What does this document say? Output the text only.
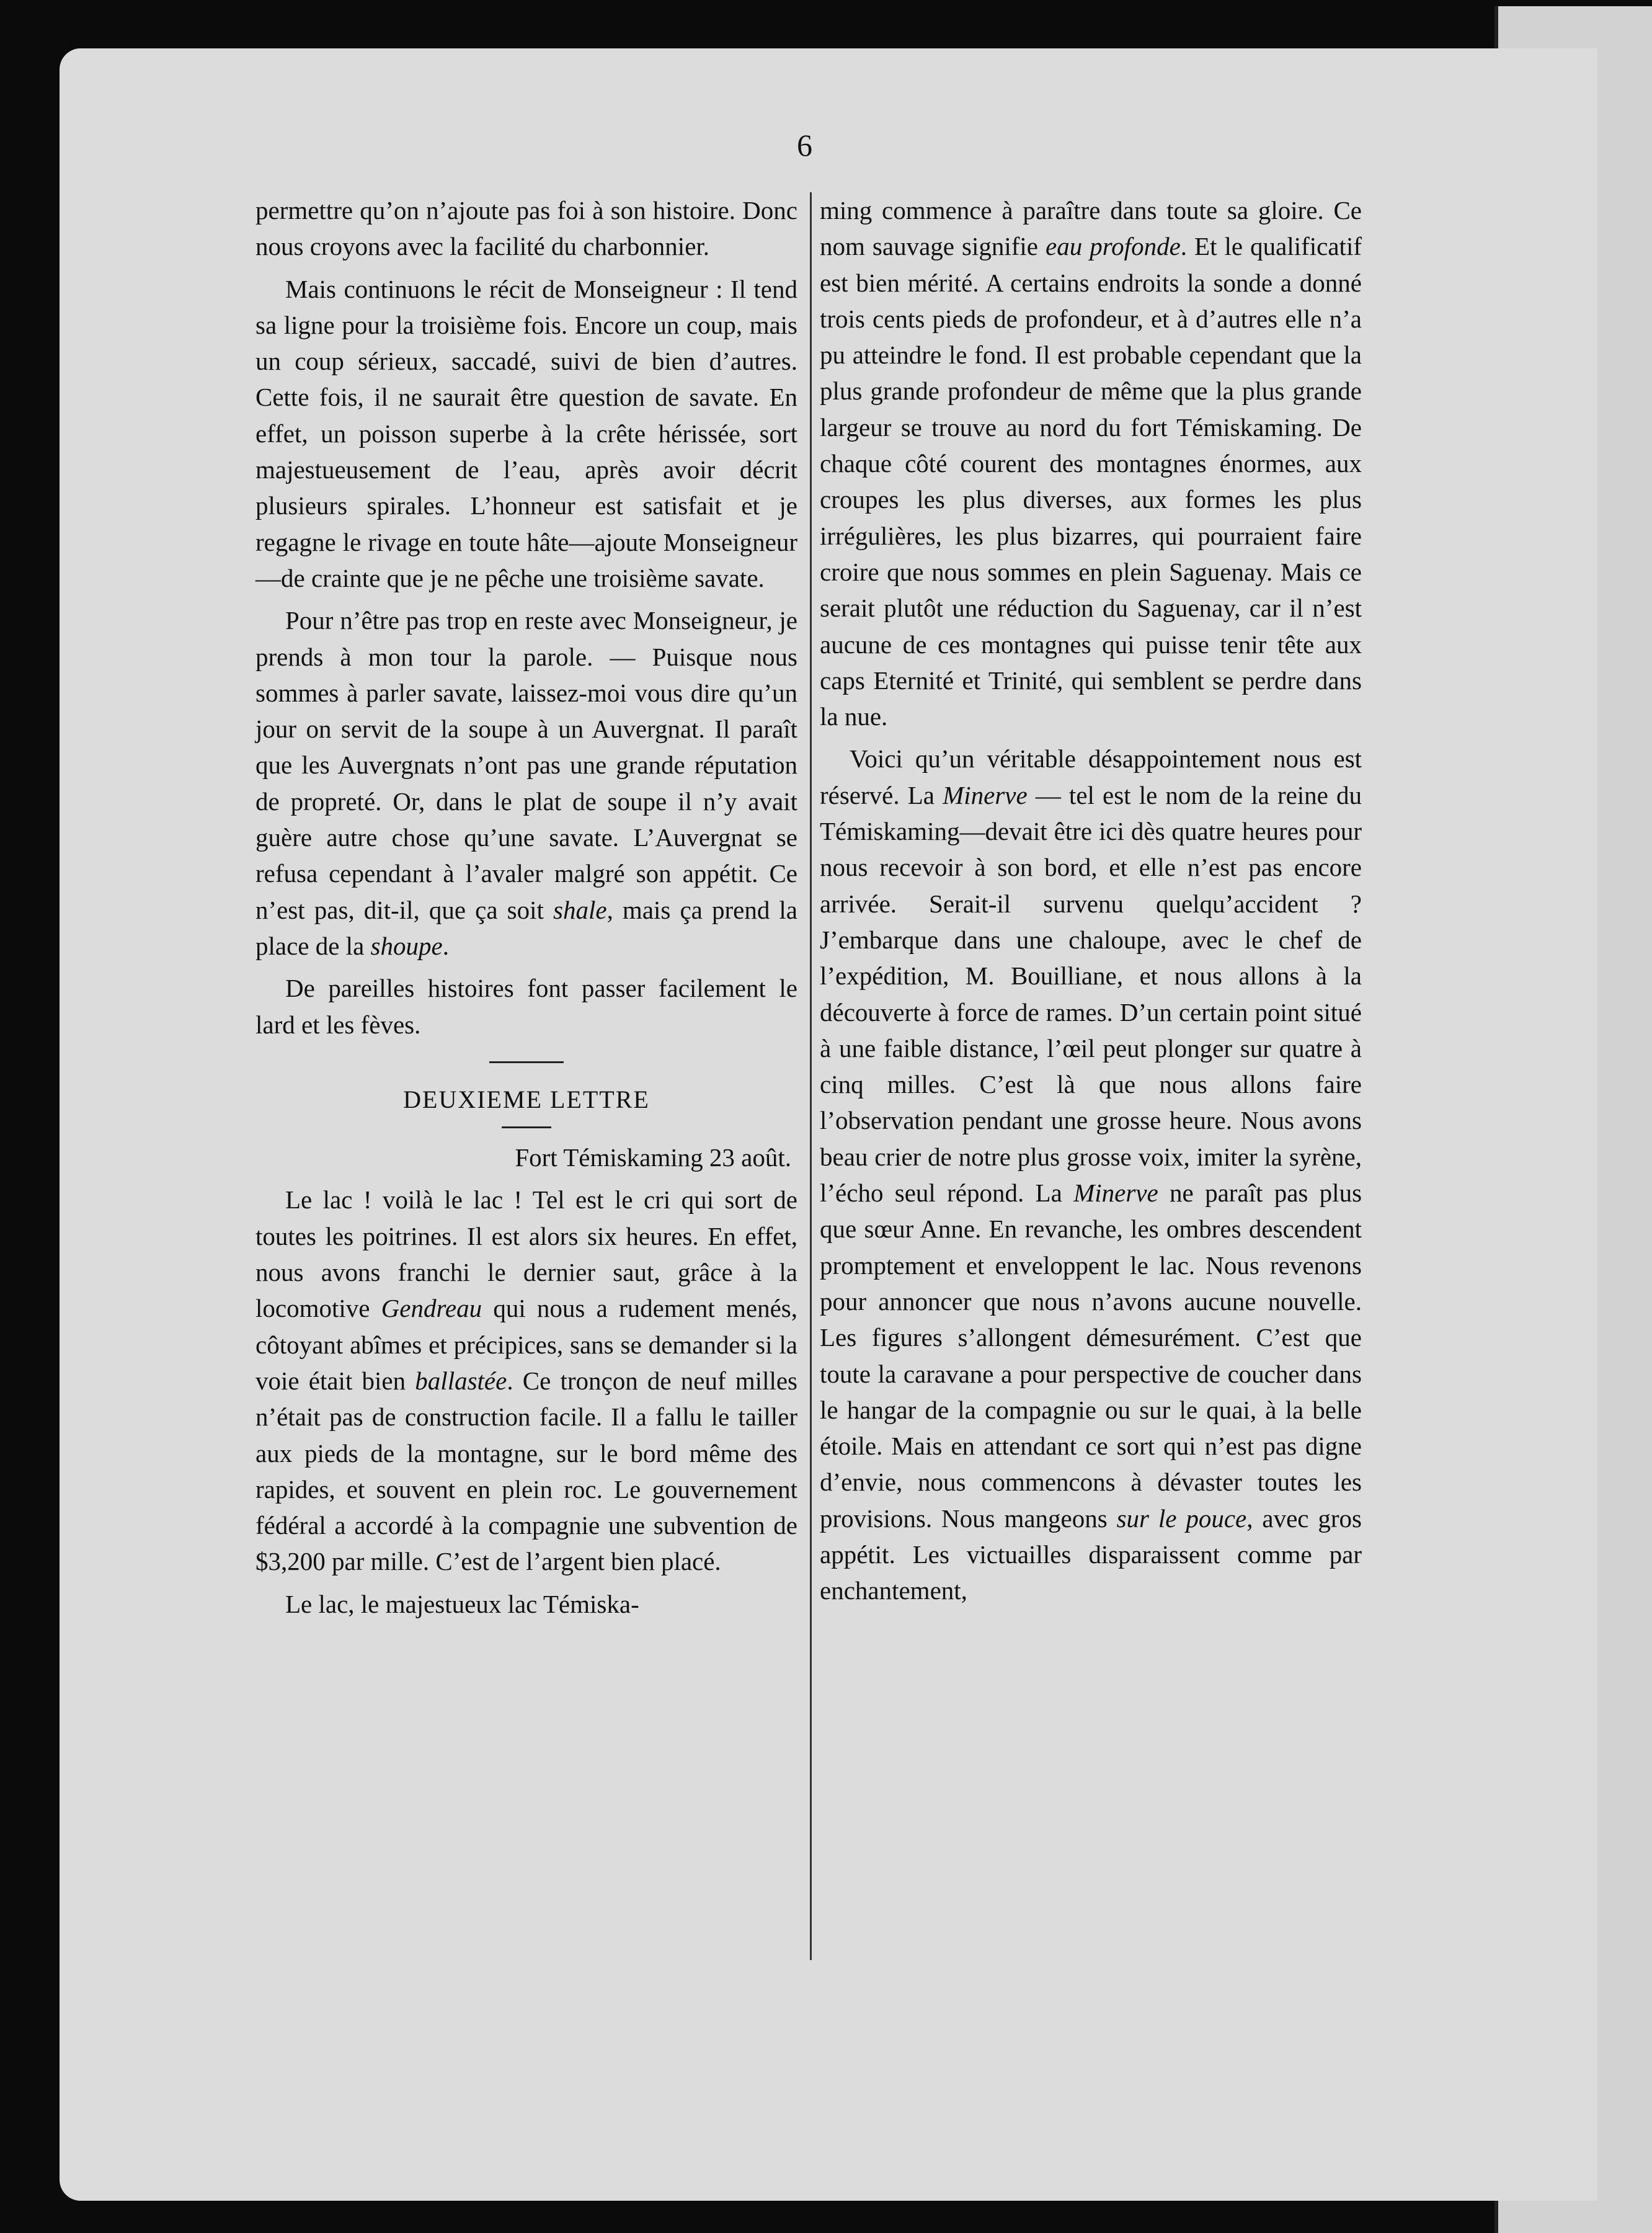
6

permettre qu’on n’ajoute pas foi à son histoire. Donc nous croyons avec la facilité du charbonnier.

Mais continuons le récit de Monseigneur : Il tend sa ligne pour la troisième fois. Encore un coup, mais un coup sérieux, saccadé, suivi de bien d’autres. Cette fois, il ne saurait être question de savate. En effet, un poisson superbe à la crête hérissée, sort majestueusement de l’eau, après avoir décrit plusieurs spirales. L’honneur est satisfait et je regagne le rivage en toute hâte—ajoute Monseigneur—de crainte que je ne pêche une troisième savate.

Pour n’être pas trop en reste avec Monseigneur, je prends à mon tour la parole. — Puisque nous sommes à parler savate, laissez-moi vous dire qu’un jour on servit de la soupe à un Auvergnat. Il paraît que les Auvergnats n’ont pas une grande réputation de propreté. Or, dans le plat de soupe il n’y avait guère autre chose qu’une savate. L’Auvergnat se refusa cependant à l’avaler malgré son appétit. Ce n’est pas, dit-il, que ça soit shale, mais ça prend la place de la shoupe.

De pareilles histoires font passer facilement le lard et les fèves.

DEUXIEME LETTRE

Fort Témiskaming 23 août.

Le lac ! voilà le lac ! Tel est le cri qui sort de toutes les poitrines. Il est alors six heures. En effet, nous avons franchi le dernier saut, grâce à la locomotive Gendreau qui nous a rudement menés, côtoyant abîmes et précipices, sans se demander si la voie était bien ballastée. Ce tronçon de neuf milles n’était pas de construction facile. Il a fallu le tailler aux pieds de la montagne, sur le bord même des rapides, et souvent en plein roc. Le gouvernement fédéral a accordé à la compagnie une subvention de $3,200 par mille. C’est de l’argent bien placé.

Le lac, le majestueux lac Témiska-

ming commence à paraître dans toute sa gloire. Ce nom sauvage signifie eau profonde. Et le qualificatif est bien mérité. A certains endroits la sonde a donné trois cents pieds de profondeur, et à d’autres elle n’a pu atteindre le fond. Il est probable cependant que la plus grande profondeur de même que la plus grande largeur se trouve au nord du fort Témiskaming. De chaque côté courent des montagnes énormes, aux croupes les plus diverses, aux formes les plus irrégulières, les plus bizarres, qui pourraient faire croire que nous sommes en plein Saguenay. Mais ce serait plutôt une réduction du Saguenay, car il n’est aucune de ces montagnes qui puisse tenir tête aux caps Eternité et Trinité, qui semblent se perdre dans la nue.

Voici qu’un véritable désappointement nous est réservé. La Minerve — tel est le nom de la reine du Témiskaming—devait être ici dès quatre heures pour nous recevoir à son bord, et elle n’est pas encore arrivée. Serait-il survenu quelqu’accident ? J’embarque dans une chaloupe, avec le chef de l’expédition, M. Bouilliane, et nous allons à la découverte à force de rames. D’un certain point situé à une faible distance, l’œil peut plonger sur quatre à cinq milles. C’est là que nous allons faire l’observation pendant une grosse heure. Nous avons beau crier de notre plus grosse voix, imiter la syrène, l’écho seul répond. La Minerve ne paraît pas plus que sœur Anne. En revanche, les ombres descendent promptement et enveloppent le lac. Nous revenons pour annoncer que nous n’avons aucune nouvelle. Les figures s’allongent démesurément. C’est que toute la caravane a pour perspective de coucher dans le hangar de la compagnie ou sur le quai, à la belle étoile. Mais en attendant ce sort qui n’est pas digne d’envie, nous commencons à dévaster toutes les provisions. Nous mangeons sur le pouce, avec gros appétit. Les victuailles disparaissent comme par enchantement,
